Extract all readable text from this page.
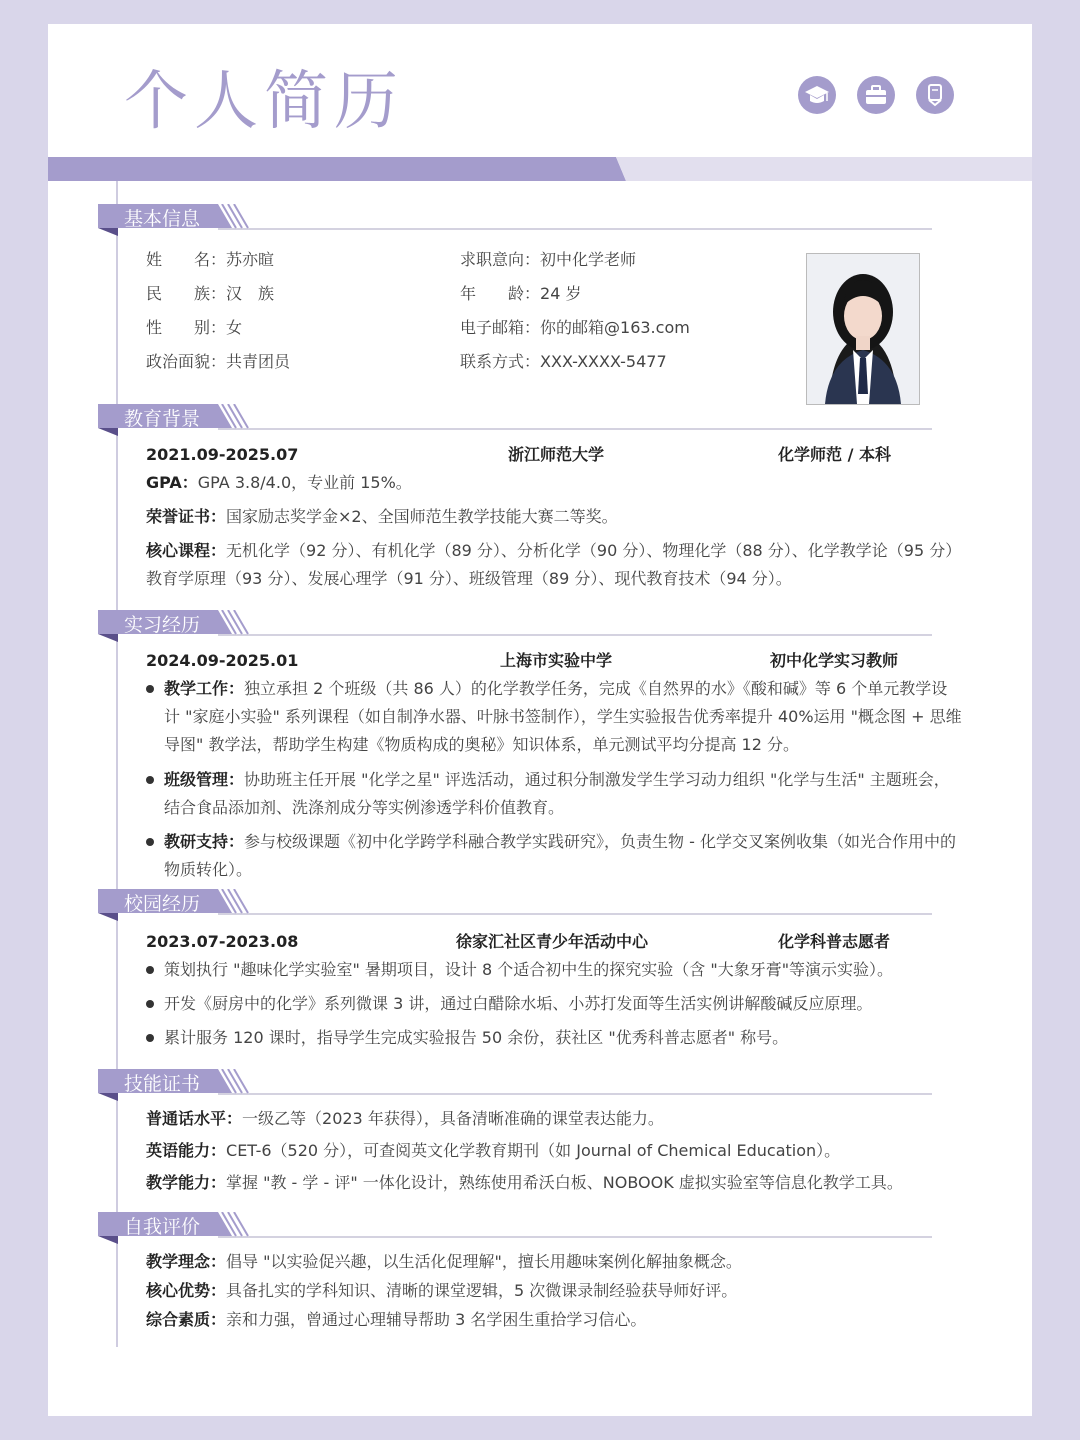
个人简历
基本信息
姓　　名：苏亦暄
民　　族：汉　族
性　　别：女
政治面貌：共青团员
求职意向：初中化学老师
年　　龄：24 岁
电子邮箱：你的邮箱@163.com
联系方式：XXX-XXXX-5477
教育背景
2021.09-2025.07	浙江师范大学	化学师范 / 本科
GPA：GPA 3.8/4.0，专业前 15%。
荣誉证书：国家励志奖学金×2、全国师范生教学技能大赛二等奖。
核心课程：无机化学（92 分）、有机化学（89 分）、分析化学（90 分）、物理化学（88 分）、化学教学论（95 分）教育学原理（93 分）、发展心理学（91 分）、班级管理（89 分）、现代教育技术（94 分）。
实习经历
2024.09-2025.01	上海市实验中学	初中化学实习教师
教学工作：独立承担 2 个班级（共 86 人）的化学教学任务，完成《自然界的水》《酸和碱》等 6 个单元教学设计 "家庭小实验" 系列课程（如自制净水器、叶脉书签制作），学生实验报告优秀率提升 40%运用 "概念图 + 思维导图" 教学法，帮助学生构建《物质构成的奥秘》知识体系，单元测试平均分提高 12 分。
班级管理：协助班主任开展 "化学之星" 评选活动，通过积分制激发学生学习动力组织 "化学与生活" 主题班会，结合食品添加剂、洗涤剂成分等实例渗透学科价值教育。
教研支持：参与校级课题《初中化学跨学科融合教学实践研究》，负责生物 - 化学交叉案例收集（如光合作用中的物质转化）。
校园经历
2023.07-2023.08	徐家汇社区青少年活动中心	化学科普志愿者
策划执行 "趣味化学实验室" 暑期项目，设计 8 个适合初中生的探究实验（含 "大象牙膏"等演示实验）。
开发《厨房中的化学》系列微课 3 讲，通过白醋除水垢、小苏打发面等生活实例讲解酸碱反应原理。
累计服务 120 课时，指导学生完成实验报告 50 余份，获社区 "优秀科普志愿者" 称号。
技能证书
普通话水平：一级乙等（2023 年获得），具备清晰准确的课堂表达能力。
英语能力：CET-6（520 分），可查阅英文化学教育期刊（如 Journal of Chemical Education）。
教学能力：掌握 "教 - 学 - 评" 一体化设计，熟练使用希沃白板、NOBOOK 虚拟实验室等信息化教学工具。
自我评价
教学理念：倡导 "以实验促兴趣，以生活化促理解"，擅长用趣味案例化解抽象概念。
核心优势：具备扎实的学科知识、清晰的课堂逻辑，5 次微课录制经验获导师好评。
综合素质：亲和力强，曾通过心理辅导帮助 3 名学困生重拾学习信心。
